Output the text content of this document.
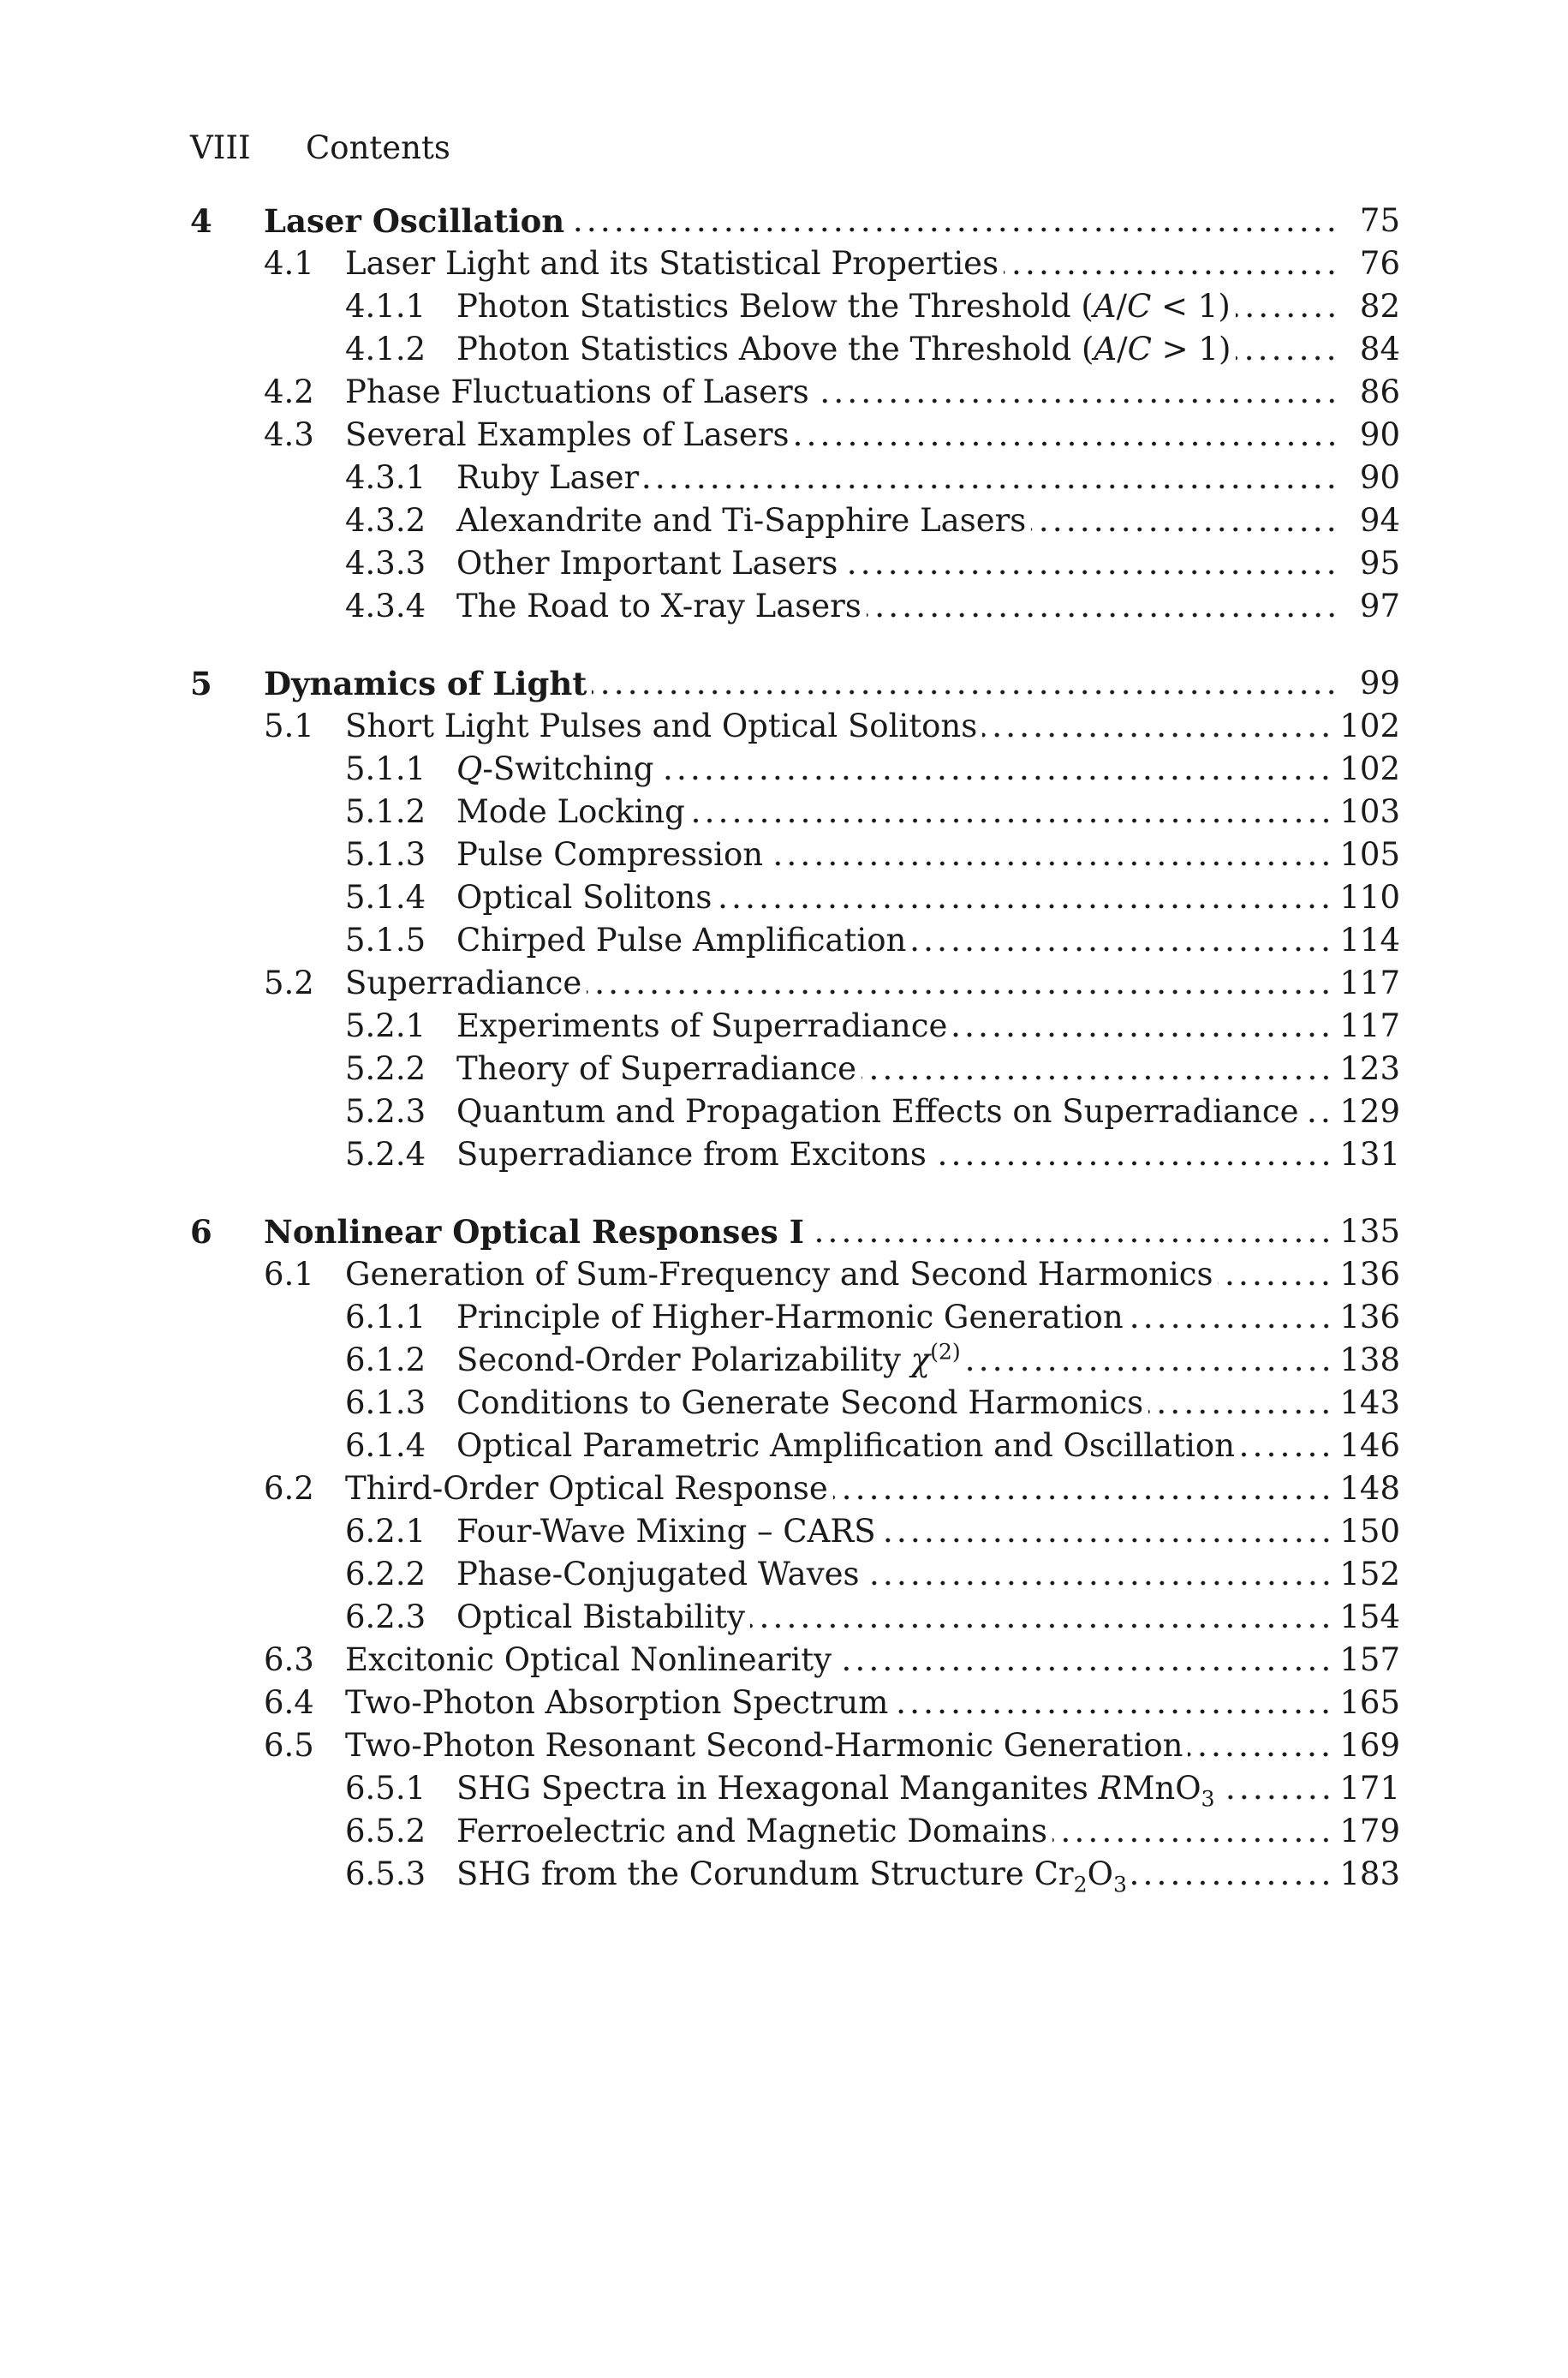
VIII Contents
4	Laser Oscillation	75
4.1 Laser Light and its Statistical Properties	76
4.1.1 Photon Statistics Below the Threshold (A/C < 1)	82
4.1.2 Photon Statistics Above the Threshold (A/C > 1)	84
4.2 Phase Fluctuations of Lasers	86
4.3 Several Examples of Lasers	90
4.3.1 Ruby Laser	90
4.3.2 Alexandrite and Ti-Sapphire Lasers	94
4.3.3 Other Important Lasers	95
4.3.4 The Road to X-ray Lasers	97
5	Dynamics of Light	99
5.1 Short Light Pulses and Optical Solitons	102
5.1.1 Q-Switching	102
5.1.2 Mode Locking	103
5.1.3 Pulse Compression	105
5.1.4 Optical Solitons	110
5.1.5 Chirped Pulse Amplification	114
5.2 Superradiance	117
5.2.1 Experiments of Superradiance	117
5.2.2 Theory of Superradiance	123
5.2.3 Quantum and Propagation Effects on Superradiance 129
5.2.4 Superradiance from Excitons	131
6	Nonlinear Optical Responses I	135
6.1 Generation of Sum-Frequency and Second Harmonics	136
6.1.1 Principle of Higher-Harmonic Generation	136
6.1.2 Second-Order Polarizability $\chi^{(2)}$	138
6.1.3 Conditions to Generate Second Harmonics	143
6.1.4 Optical Parametric Amplification and Oscillation	146
6.2 Third-Order Optical Response	148
6.2.1 Four-Wave Mixing – CARS	150
6.2.2 Phase-Conjugated Waves	152
6.2.3 Optical Bistability	154
6.3 Excitonic Optical Nonlinearity	157
6.4 Two-Photon Absorption Spectrum	165
6.5 Two-Photon Resonant Second-Harmonic Generation	169
6.5.1 SHG Spectra in Hexagonal Manganites RMnO$_3$	171
6.5.2 Ferroelectric and Magnetic Domains	179
6.5.3 SHG from the Corundum Structure $Cr_2O_3$	183
